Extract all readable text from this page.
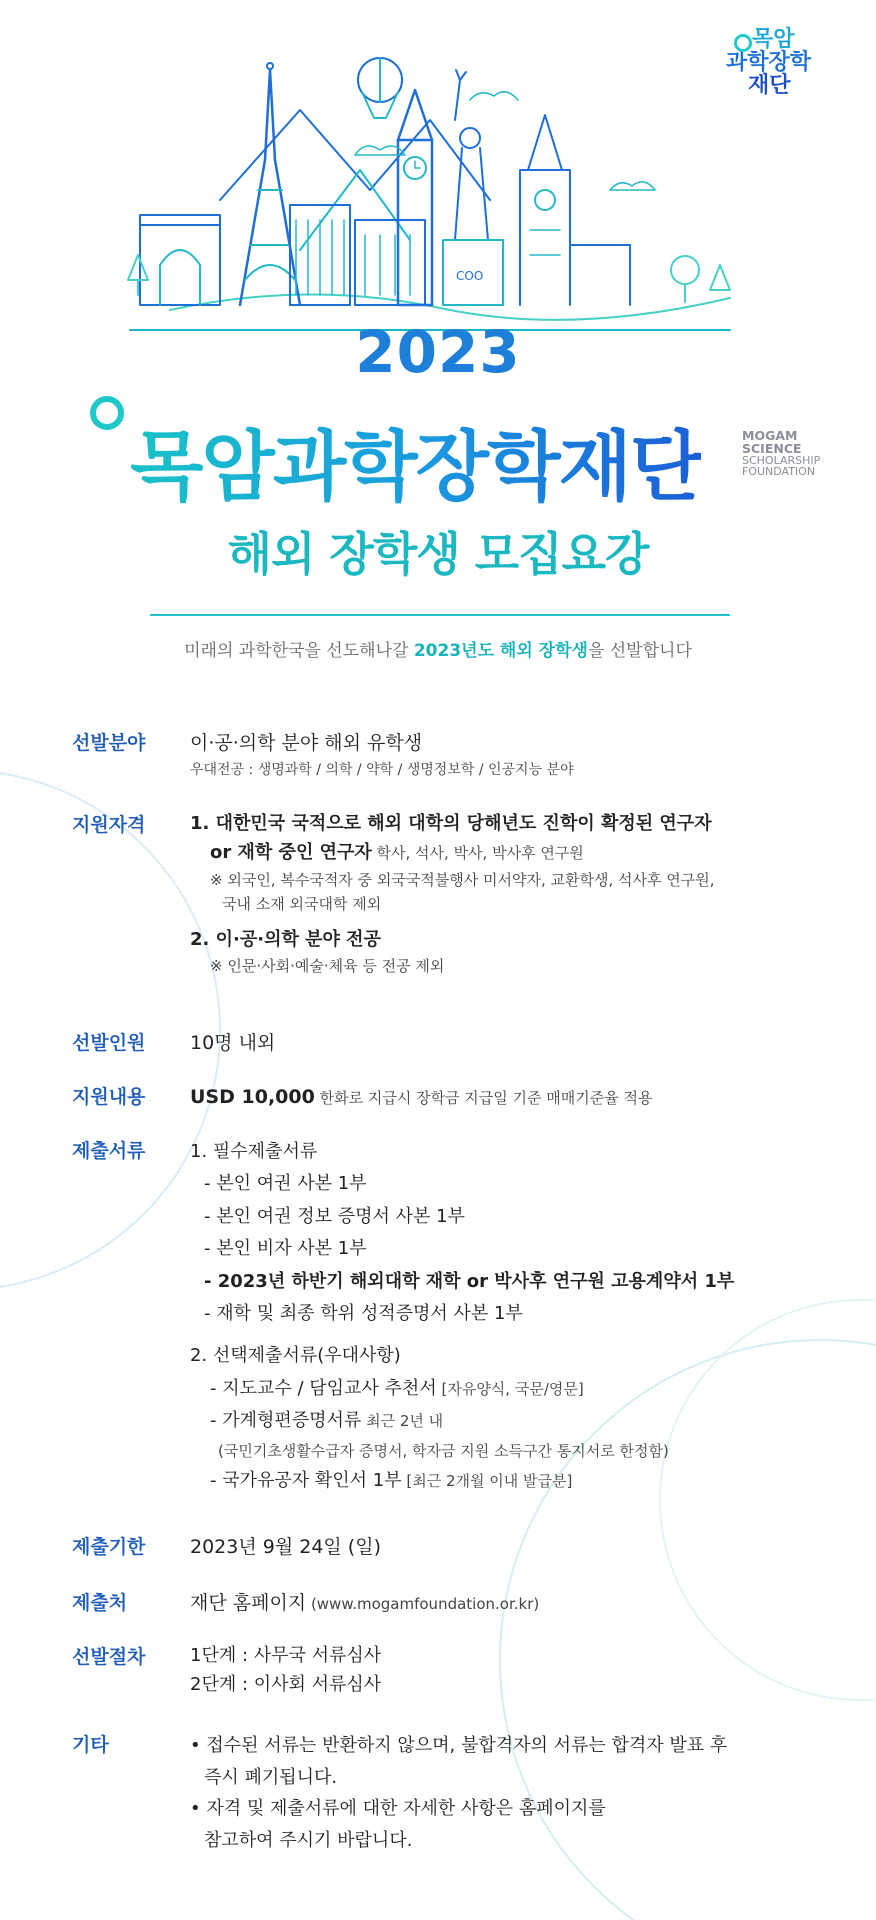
목암
과학장학
재단
COO
2023
목암과학장학재단	MOGAM
SCIENCE
SCHOLARSHIP
FOUNDATION
해외 장학생 모집요강
미래의 과학한국을 선도해나갈 2023년도 해외 장학생을 선발합니다
선발분야	이·공·의학 분야 해외 유학생
우대전공 : 생명과학 / 의학 / 약학 / 생명정보학 / 인공지능 분야
지원자격	1. 대한민국 국적으로 해외 대학의 당해년도 진학이 확정된 연구자
or 재학 중인 연구자 학사, 석사, 박사, 박사후 연구원
※ 외국인, 복수국적자 중 외국국적불행사 미서약자, 교환학생, 석사후 연구원,
국내 소재 외국대학 제외
2. 이·공·의학 분야 전공
※ 인문·사회·예술·체육 등 전공 제외
선발인원	10명 내외
지원내용	USD 10,000 한화로 지급시 장학금 지급일 기준 매매기준율 적용
제출서류	1. 필수제출서류
- 본인 여권 사본 1부
- 본인 여권 정보 증명서 사본 1부
- 본인 비자 사본 1부
- 2023년 하반기 해외대학 재학 or 박사후 연구원 고용계약서 1부
- 재학 및 최종 학위 성적증명서 사본 1부
2. 선택제출서류(우대사항)
- 지도교수 / 담임교사 추천서 [자유양식, 국문/영문]
- 가계형편증명서류 최근 2년 내
(국민기초생활수급자 증명서, 학자금 지원 소득구간 통지서로 한정함)
- 국가유공자 확인서 1부 [최근 2개월 이내 발급분]
제출기한	2023년 9월 24일 (일)
제출처	재단 홈페이지 (www.mogamfoundation.or.kr)
선발절차	1단계 : 사무국 서류심사
2단계 : 이사회 서류심사
기타	• 접수된 서류는 반환하지 않으며, 불합격자의 서류는 합격자 발표 후
즉시 폐기됩니다.
• 자격 및 제출서류에 대한 자세한 사항은 홈페이지를
참고하여 주시기 바랍니다.
